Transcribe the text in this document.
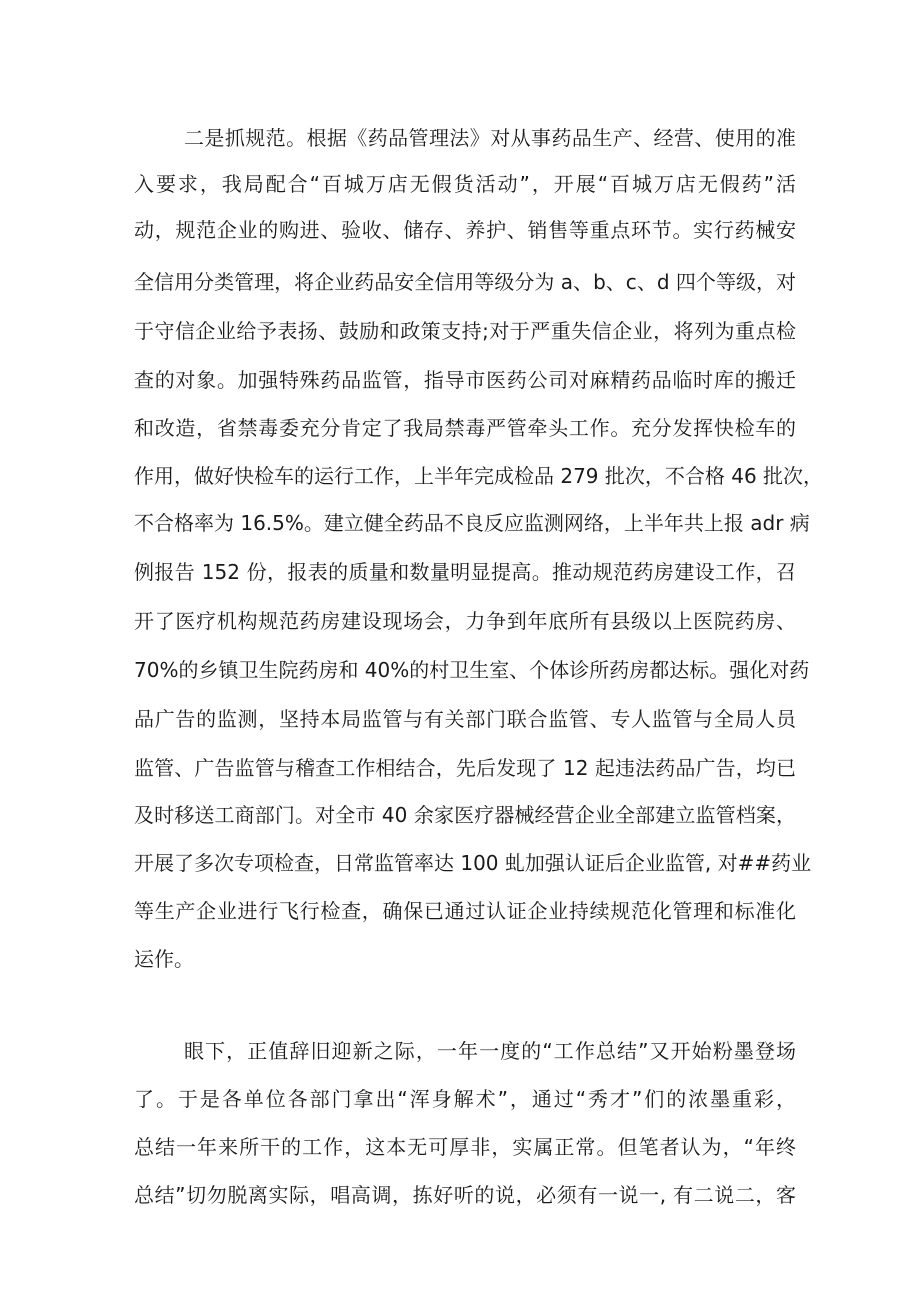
二是抓规范。根据《药品管理法》对从事药品生产、经营、使用的准
入要求，我局配合“百城万店无假货活动”，开展“百城万店无假药”活
动，规范企业的购进、验收、储存、养护、销售等重点环节。实行药械安
全信用分类管理，将企业药品安全信用等级分为 a、b、c、d 四个等级，对
于守信企业给予表扬、鼓励和政策支持;对于严重失信企业，将列为重点检
查的对象。加强特殊药品监管，指导市医药公司对麻精药品临时库的搬迁
和改造，省禁毒委充分肯定了我局禁毒严管牵头工作。充分发挥快检车的
作用，做好快检车的运行工作，上半年完成检品 279 批次，不合格 46 批次，
不合格率为 16.5%。建立健全药品不良反应监测网络，上半年共上报 adr 病
例报告 152 份，报表的质量和数量明显提高。推动规范药房建设工作，召
开了医疗机构规范药房建设现场会，力争到年底所有县级以上医院药房、
70%的乡镇卫生院药房和 40%的村卫生室、个体诊所药房都达标。强化对药
品广告的监测，坚持本局监管与有关部门联合监管、专人监管与全局人员
监管、广告监管与稽查工作相结合，先后发现了 12 起违法药品广告，均已
及时移送工商部门。对全市 40 余家医疗器械经营企业全部建立监管档案，
开展了多次专项检查，日常监管率达 100 虬加强认证后企业监管, 对##药业
等生产企业进行飞行检查，确保已通过认证企业持续规范化管理和标准化
运作。
眼下，正值辞旧迎新之际，一年一度的“工作总结”又开始粉墨登场
了。于是各单位各部门拿出“浑身解术”，通过“秀才”们的浓墨重彩，
总结一年来所干的工作，这本无可厚非，实属正常。但笔者认为，“年终
总结”切勿脱离实际，唱高调，拣好听的说，必须有一说一, 有二说二，客
